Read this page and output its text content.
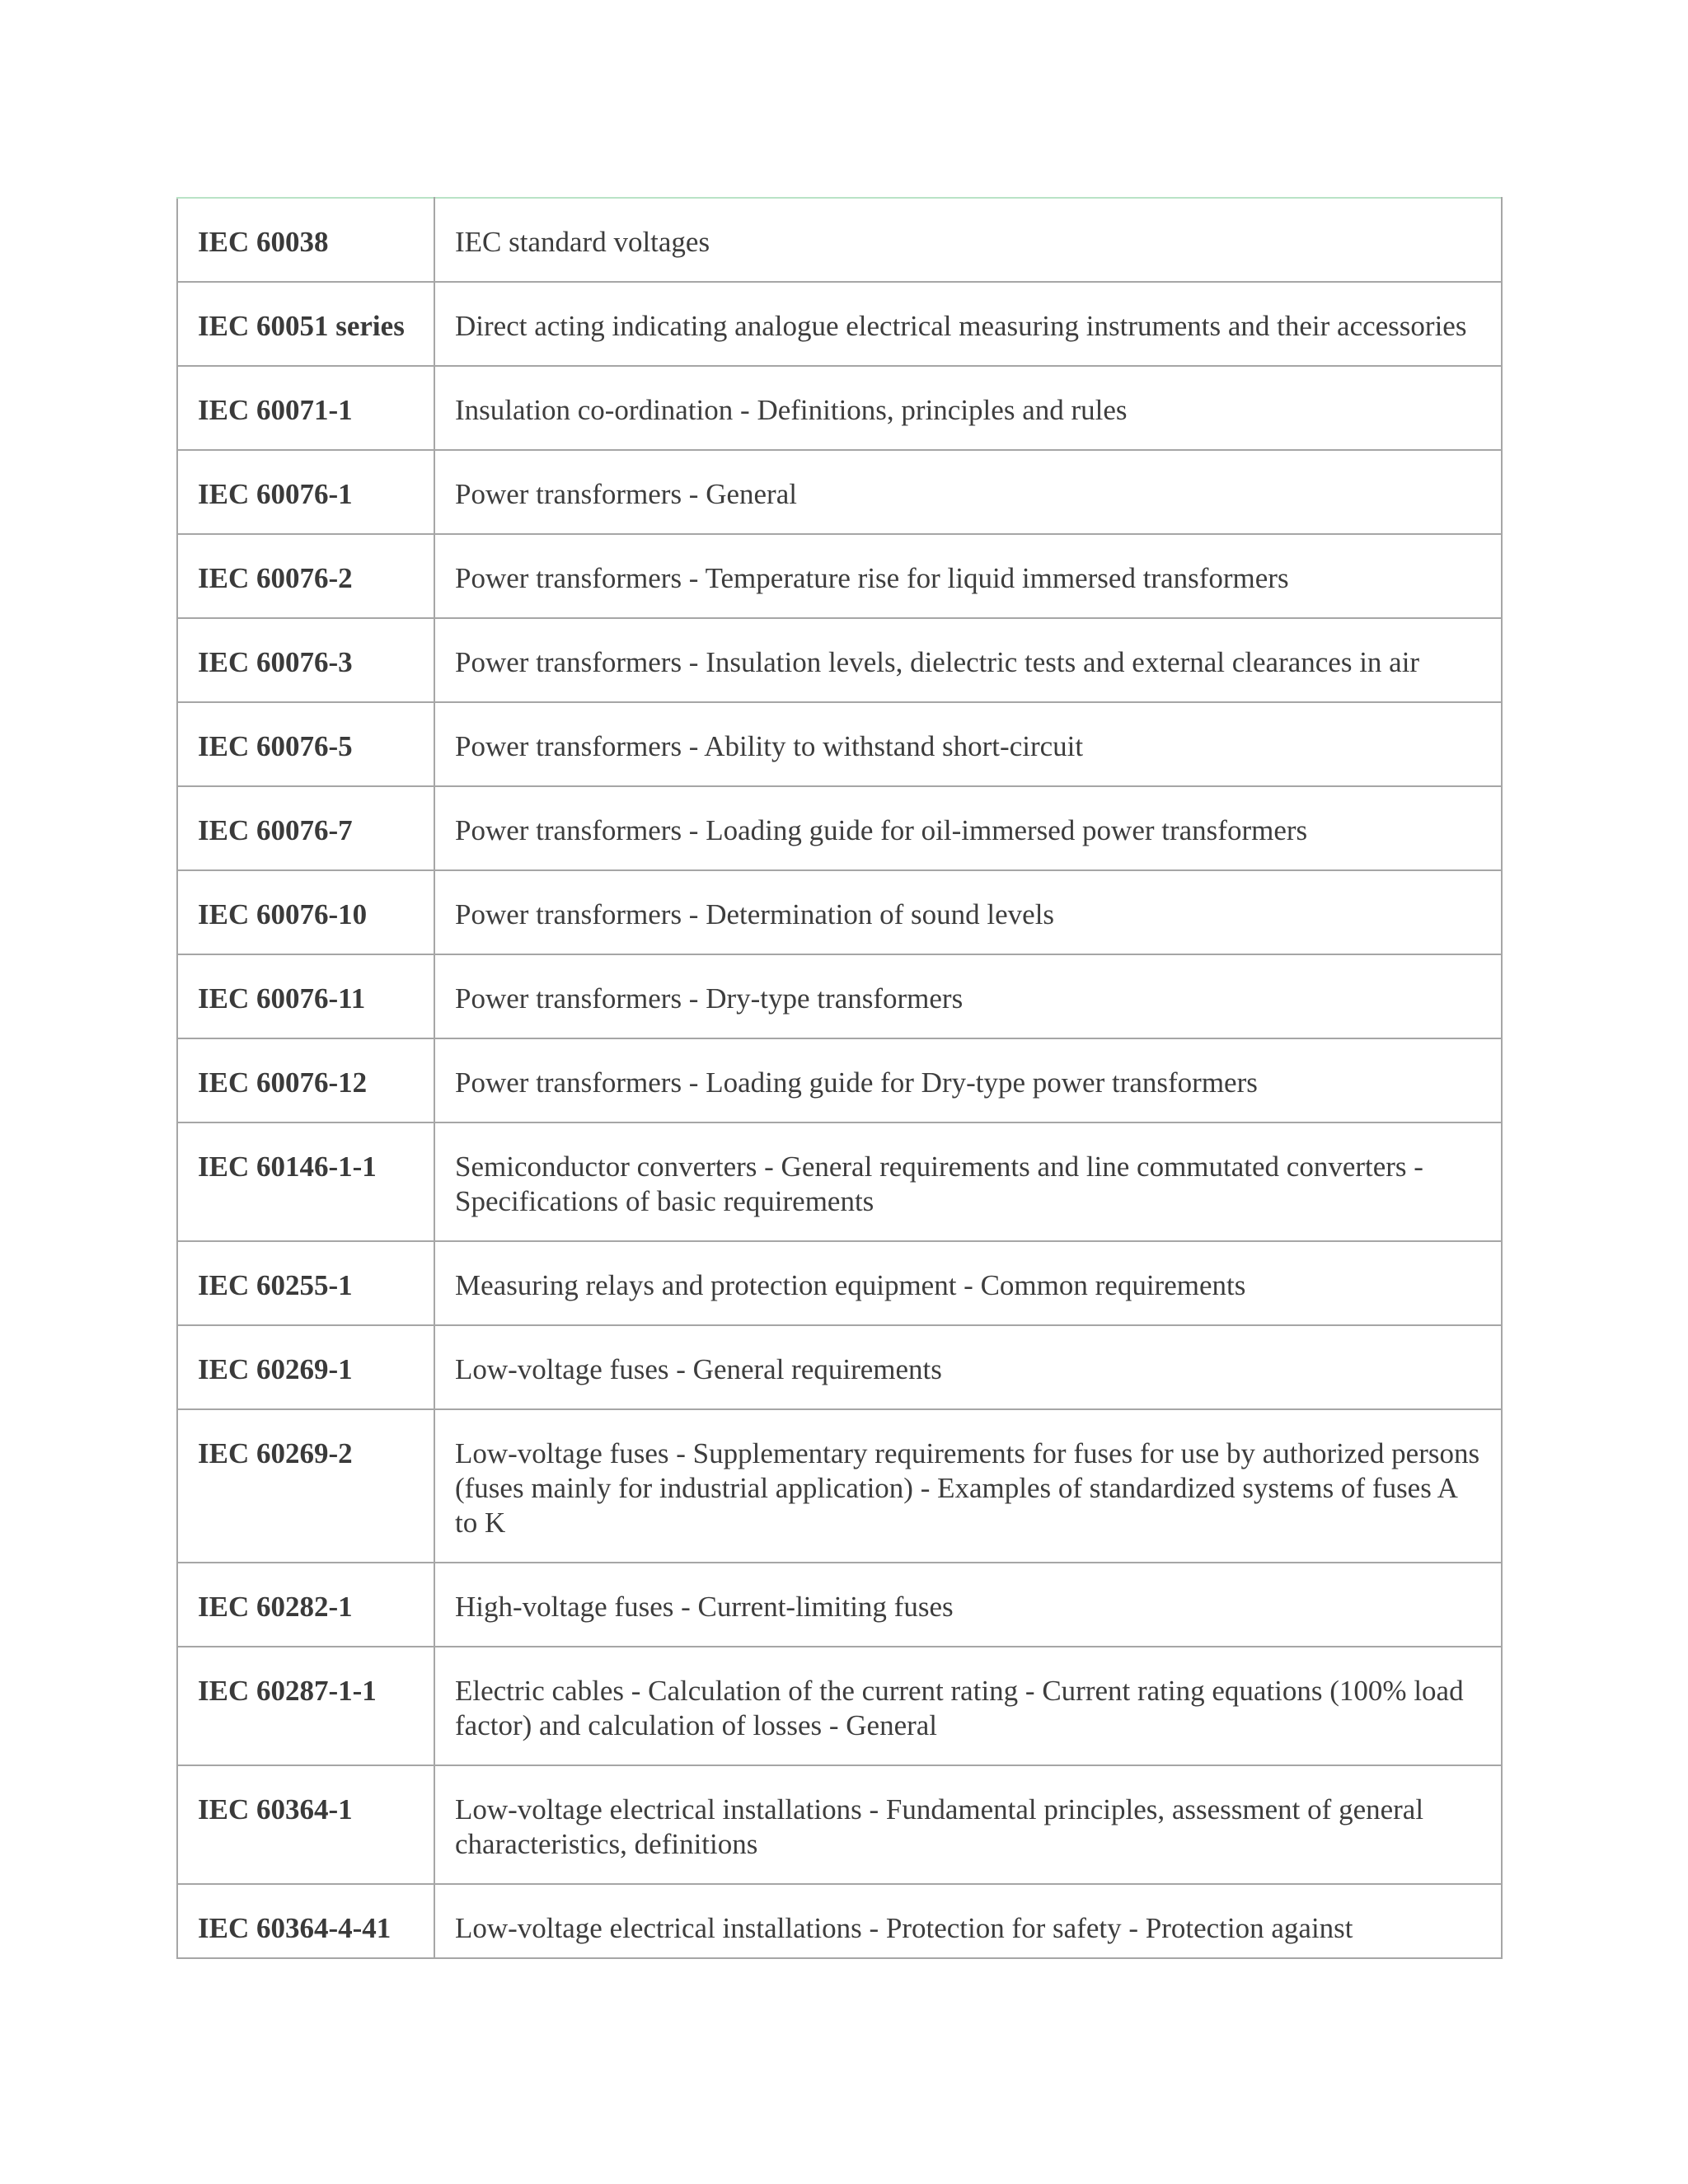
IEC 60038	IEC standard voltages
IEC 60051 series	Direct acting indicating analogue electrical measuring instruments and their accessories
IEC 60071-1	Insulation co-ordination - Definitions, principles and rules
IEC 60076-1	Power transformers - General
IEC 60076-2	Power transformers - Temperature rise for liquid immersed transformers
IEC 60076-3	Power transformers - Insulation levels, dielectric tests and external clearances in air
IEC 60076-5	Power transformers - Ability to withstand short-circuit
IEC 60076-7	Power transformers - Loading guide for oil-immersed power transformers
IEC 60076-10	Power transformers - Determination of sound levels
IEC 60076-11	Power transformers - Dry-type transformers
IEC 60076-12	Power transformers - Loading guide for Dry-type power transformers
IEC 60146-1-1	Semiconductor converters - General requirements and line commutated converters - Specifications of basic requirements
IEC 60255-1	Measuring relays and protection equipment - Common requirements
IEC 60269-1	Low-voltage fuses - General requirements
IEC 60269-2	Low-voltage fuses - Supplementary requirements for fuses for use by authorized persons (fuses mainly for industrial application) - Examples of standardized systems of fuses A to K
IEC 60282-1	High-voltage fuses - Current-limiting fuses
IEC 60287-1-1	Electric cables - Calculation of the current rating - Current rating equations (100% load factor) and calculation of losses - General
IEC 60364-1	Low-voltage electrical installations - Fundamental principles, assessment of general characteristics, definitions
IEC 60364-4-41	Low-voltage electrical installations - Protection for safety - Protection against
